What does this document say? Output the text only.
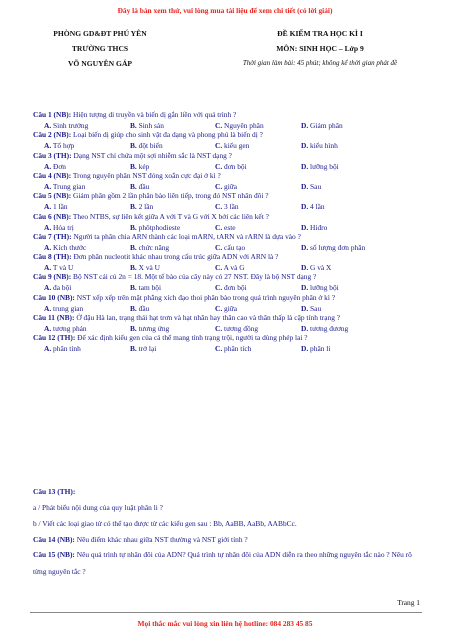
Đây là bản xem thử, vui lòng mua tài liệu để xem chi tiết (có lời giải)
PHÒNG GD&ĐT PHÚ YÊN
TRƯỜNG THCS
VÕ NGUYÊN GÁP
ĐỀ KIỂM TRA HỌC KÌ I
MÔN: SINH HỌC – Lớp 9
Thời gian làm bài: 45 phút; không kể thời gian phát đề
Câu 1 (NB): Hiện tượng di truyền và biến dị gắn liền với quá trình ?
A. Sinh trưởng	B. Sinh sản	C. Nguyên phân	D. Giảm phân
Câu 2 (NB): Loại biến dị giúp cho sinh vật đa dạng và phong phú là biến dị ?
A. Tổ hợp	B. đột biến	C. kiểu gen	D. kiểu hình
Câu 3 (TH): Dạng NST chỉ chứa một sợi nhiễm sắc là NST dạng ?
A. Đơn	B. kép	C. đơn bội	D. lưỡng bội
Câu 4 (NB): Trong nguyên phân NST đóng xoắn cực đại ở kì ?
A. Trung gian	B. đầu	C. giữa	D. Sau
Câu 5 (NB): Giảm phân gồm 2 lần phân bào liên tiếp, trong đó NST nhân đôi ?
A. 1 lần	B. 2 lần	C. 3 lần	D. 4 lần
Câu 6 (NB): Theo NTBS, sự liên kết giữa A với T và G với X bởi các liên kết ?
A. Hóa trị	B. phôtphodieste	C. este	D. Hiđro
Câu 7 (TH): Người ta phân chia ARN thành các loại mARN, tARN và rARN là dựa vào ?
A. Kích thước	B. chức năng	C. cấu tạo	D. số lượng đơn phân
Câu 8 (TH): Đơn phân nucleotit khác nhau trong cấu trúc giữa ADN với ARN là ?
A. T và U	B. X và U	C. A và G	D. G và X
Câu 9 (NB): Bộ NST cải củ 2n = 18. Một tế bào của cây này có 27 NST. Đây là bộ NST dạng ?
A. đa bội	B. tam bội	C. đơn bội	D. lưỡng bội
Câu 10 (NB): NST xếp xếp trên mặt phẳng xích đạo thoi phân bào trong quá trình nguyên phân ở kì ?
A. trung gian	B. đầu	C. giữa	D. Sau
Câu 11 (NB): Ở đậu Hà lan, trạng thái hạt trơn và hạt nhăn hay thân cao và thân thấp là cặp tính trạng ?
A. tương phản	B. tương ứng	C. tương đồng	D. tương đương
Câu 12 (TH): Để xác định kiểu gen của cá thể mang tính trạng trội, người ta dùng phép lai ?
A. phân tính	B. trở lại	C. phân tích	D. phân li
Câu 13 (TH):
a / Phát biểu nội dung của quy luật phân li ?
b / Viết các loại giao tử có thể tạo được từ các kiểu gen sau : Bb, AaBB, AaBb, AABbCc.
Câu 14 (NB): Nêu điểm khác nhau giữa NST thường và NST giới tính ?
Câu 15 (NB): Nêu quá trình tự nhân đôi của ADN? Quá trình tự nhân đôi của ADN diễn ra theo những nguyên tắc nào ? Nêu rõ từng nguyên tắc ?
Trang 1
Mọi thắc mắc vui lòng xin liên hệ hotline: 084 283 45 85
